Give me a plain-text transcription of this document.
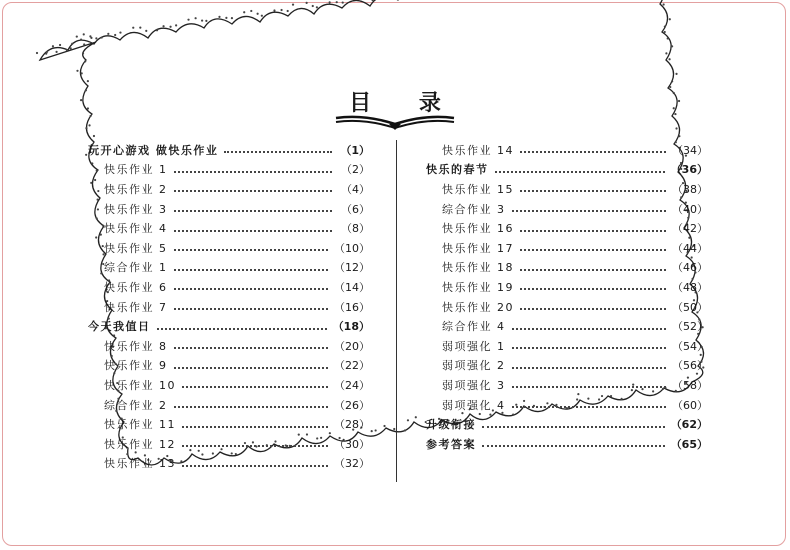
目 录
玩开心游戏 做快乐作业	（1）
快乐作业 1	（2）
快乐作业 2	（4）
快乐作业 3	（6）
快乐作业 4	（8）
快乐作业 5	（10）
综合作业 1	（12）
快乐作业 6	（14）
快乐作业 7	（16）
今天我值日	（18）
快乐作业 8	（20）
快乐作业 9	（22）
快乐作业 10	（24）
综合作业 2	（26）
快乐作业 11	（28）
快乐作业 12	（30）
快乐作业 13	（32）
快乐作业 14	（34）
快乐的春节	（36）
快乐作业 15	（38）
综合作业 3	（40）
快乐作业 16	（42）
快乐作业 17	（44）
快乐作业 18	（46）
快乐作业 19	（48）
快乐作业 20	（50）
综合作业 4	（52）
弱项强化 1	（54）
弱项强化 2	（56）
弱项强化 3	（58）
弱项强化 4	（60）
升级衔接	（62）
参考答案	（65）
